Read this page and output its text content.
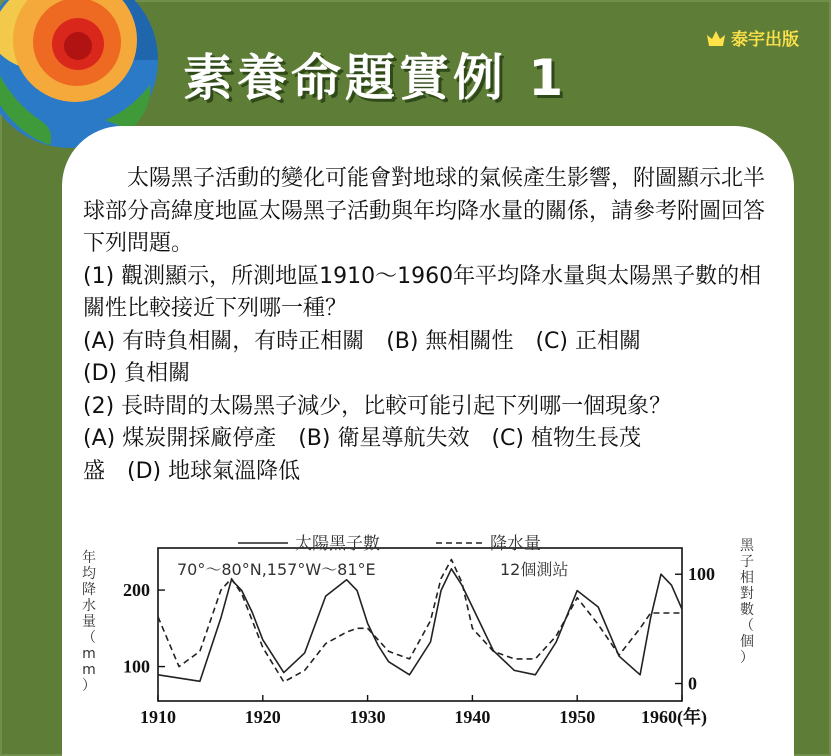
素養命題實例 1
泰宇出版

太陽黑子活動的變化可能會對地球的氣候產生影響，附圖顯示北半球部分高緯度地區太陽黑子活動與年均降水量的關係，請參考附圖回答下列問題。

(1) 觀測顯示，所測地區1910～1960年平均降水量與太陽黑子數的相關性比較接近下列哪一種？

(A) 有時負相關，有時正相關　(B) 無相關性　(C) 正相關

(D) 負相關

(2) 長時間的太陽黑子減少，比較可能引起下列哪一個現象？

(A) 煤炭開採廠停產　(B) 衛星導航失效　(C) 植物生長茂

盛　(D) 地球氣溫降低

1910	1920	1930	1940	1950	1960(年)
200
100
100
0
年
均
降
水
量
（
m
m
）
黑
子
相
對
數
（
個
）
太陽黑子數
70°～80°N,157°W～81°E
降水量
12個測站
